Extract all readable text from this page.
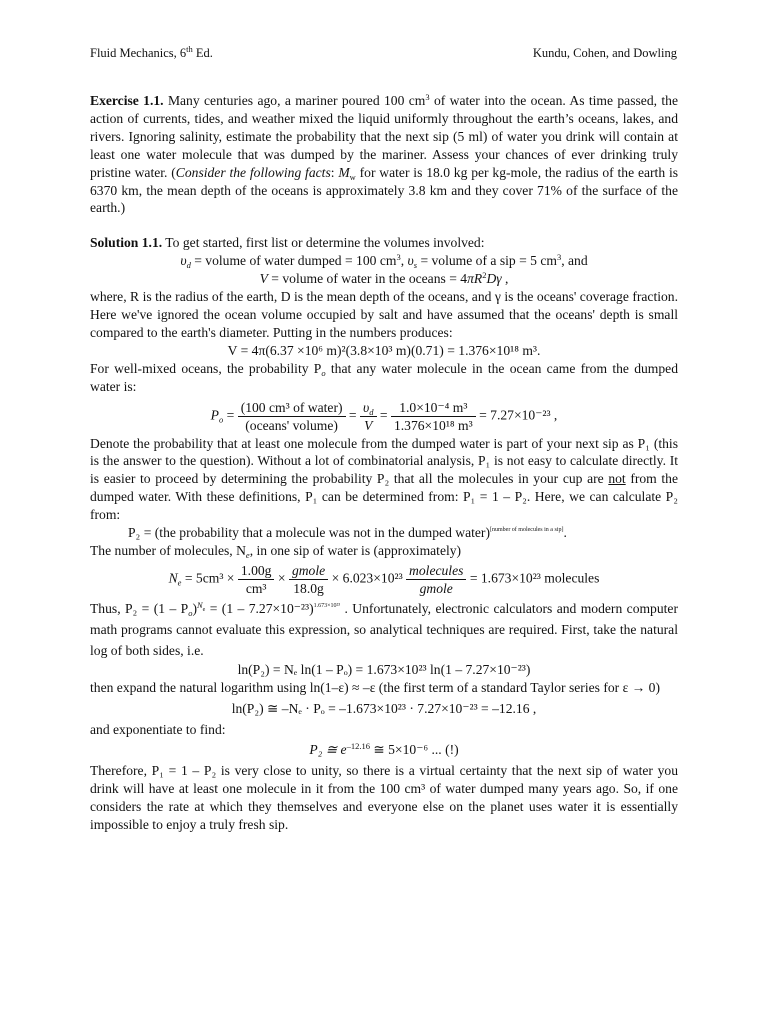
Fluid Mechanics, 6th Ed.	Kundu, Cohen, and Dowling

Exercise 1.1. Many centuries ago, a mariner poured 100 $cm^3$ of water into the ocean. As time passed, the action of currents, tides, and weather mixed the liquid uniformly throughout the earth’s oceans, lakes, and rivers. Ignoring salinity, estimate the probability that the next sip (5 ml) of water you drink will contain at least one water molecule that was dumped by the mariner. Assess your chances of ever drinking truly pristine water. (Consider the following facts: $M_w$ for water is 18.0 kg per kg-mole, the radius of the earth is 6370 km, the mean depth of the oceans is approximately 3.8 km and they cover 71% of the surface of the earth.)

Solution 1.1. To get started, first list or determine the volumes involved:

$\upsilon_d$ = volume of water dumped = 100 $cm^3$, $\upsilon_s$ = volume of a sip = 5 $cm^3$, and

V = volume of water in the oceans = $4\pi R^2D\gamma$ ,

where, R is the radius of the earth, D is the mean depth of the oceans, and γ is the oceans' coverage fraction. Here we've ignored the ocean volume occupied by salt and have assumed that the oceans' depth is small compared to the earth's diameter. Putting in the numbers produces:

V = 4π(6.37 ×10⁶ m)²(3.8×10³ m)(0.71) = 1.376×10¹⁸ m³.

For well-mixed oceans, the probability $P_o$ that any water molecule in the ocean came from the dumped water is:

$P_o = \frac{\text{(100 cm³ of water)}}{\text{(oceans' volume)}} = \frac{\upsilon_d}{V} = \frac{\text{1.0×10⁻⁴ m³}}{\text{1.376×10¹⁸ m³}} = 7.27\times 10^{-23}$ ,

Denote the probability that at least one molecule from the dumped water is part of your next sip as P₁ (this is the answer to the question). Without a lot of combinatorial analysis, P₁ is not easy to calculate directly. It is easier to proceed by determining the probability P₂ that all the molecules in your cup are not from the dumped water. With these definitions, P₁ can be determined from: P₁ = 1 – P₂. Here, we can calculate P₂ from:

P₂ = (the probability that a molecule was not in the dumped water)[number of molecules in a sip].

The number of molecules, $N_e$, in one sip of water is (approximately)

$N_e = 5cm^3 \times \frac{1.00g}{\text{cm³}} \times \frac{\text{gmole}}{18.0g} \times 6.023\times 10^{23} \frac{\text{molecules}}{\text{gmole}} = 1.673\times 10^{23}$ molecules

Thus, $P_2 = (1 - P_o)^{N_e} = (1 - 7.27\times 10^{-23})^{1.673\times 10^{23}}$ . Unfortunately, electronic calculators and modern computer math programs cannot evaluate this expression, so analytical techniques are required. First, take the natural log of both sides, i.e.

ln(P₂) = Nₑ ln(1 – Pₒ) = 1.673×10²³ ln(1 – 7.27×10⁻²³)

then expand the natural logarithm using ln(1–ε) ≈ –ε (the first term of a standard Taylor series for ε → 0)

ln(P₂) ≅ –Nₑ · Pₒ = –1.673×10²³ · 7.27×10⁻²³ = –12.16 ,

and exponentiate to find:

P₂ ≅ $e^{-12.16}$ ≅ 5×10⁻⁶ ... (!)

Therefore, P₁ = 1 – P₂ is very close to unity, so there is a virtual certainty that the next sip of water you drink will have at least one molecule in it from the 100 cm³ of water dumped many years ago. So, if one considers the rate at which they themselves and everyone else on the planet uses water it is essentially impossible to enjoy a truly fresh sip.
